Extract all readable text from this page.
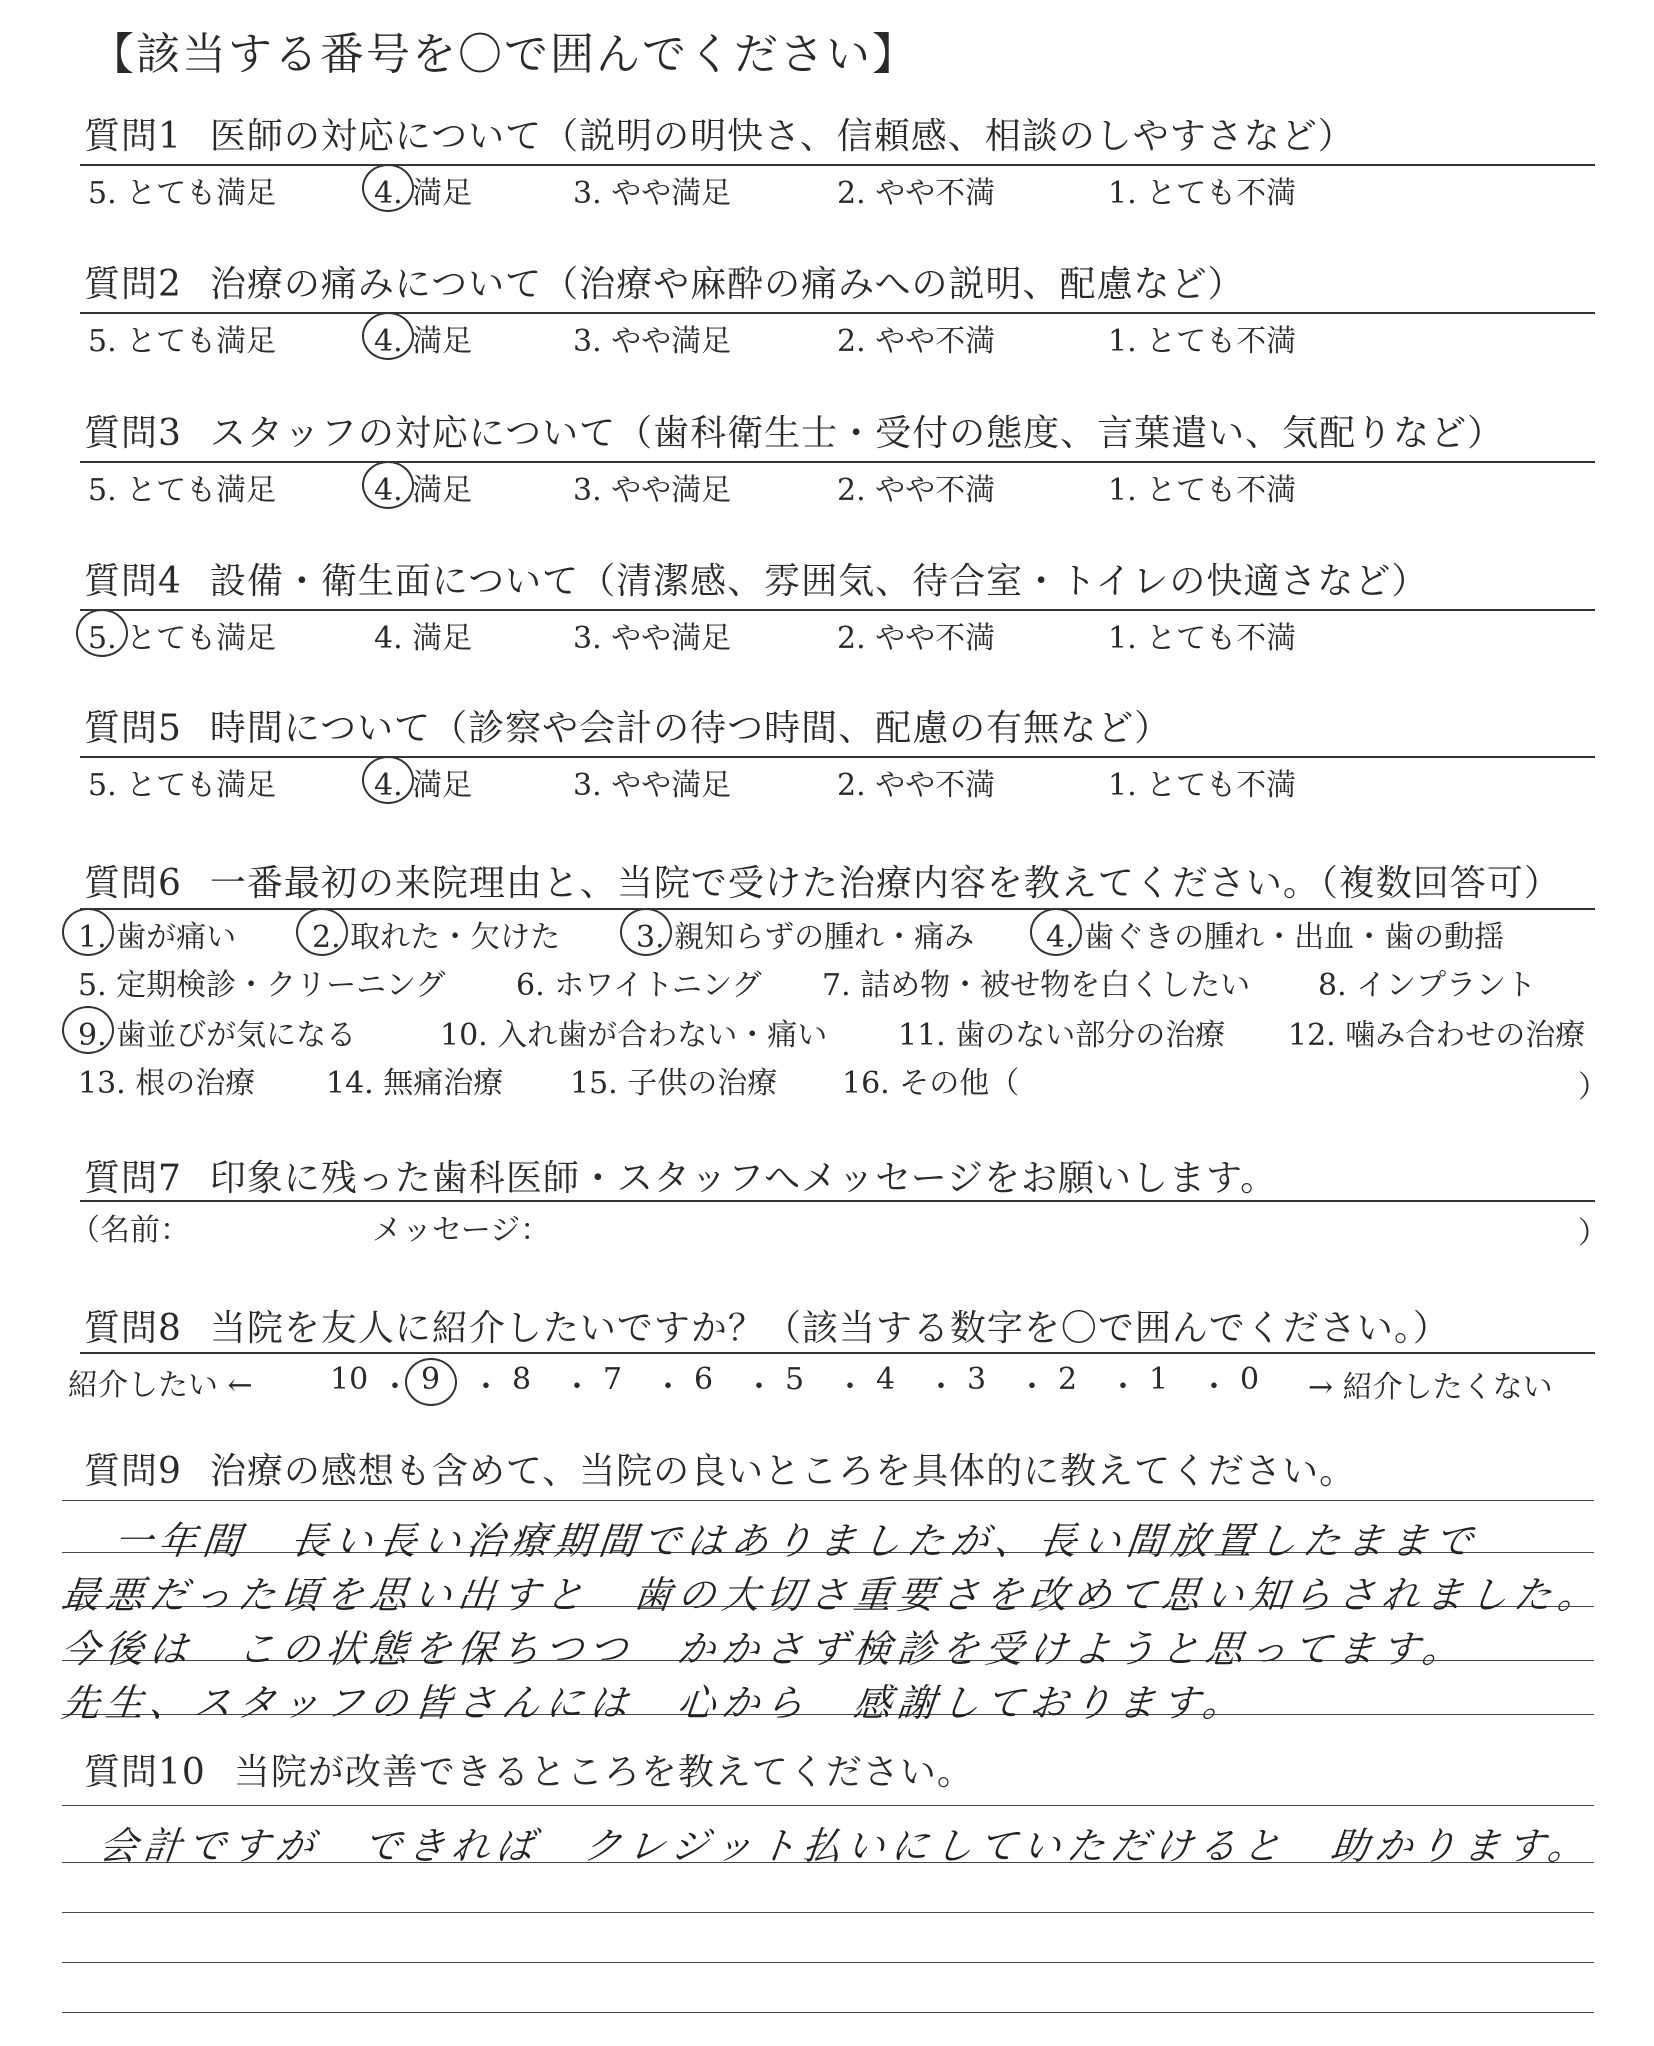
【該当する番号を〇で囲んでください】
質問1 医師の対応について（説明の明快さ、信頼感、相談のしやすさなど）
5. とても満足	4. 満足	3. やや満足	2. やや不満	1. とても不満
質問2 治療の痛みについて（治療や麻酔の痛みへの説明、配慮など）
5. とても満足	4. 満足	3. やや満足	2. やや不満	1. とても不満
質問3 スタッフの対応について（歯科衛生士・受付の態度、言葉遣い、気配りなど）
5. とても満足	4. 満足	3. やや満足	2. やや不満	1. とても不満
質問4 設備・衛生面について（清潔感、雰囲気、待合室・トイレの快適さなど）
5. とても満足	4. 満足	3. やや満足	2. やや不満	1. とても不満
質問5 時間について（診察や会計の待つ時間、配慮の有無など）
5. とても満足	4. 満足	3. やや満足	2. やや不満	1. とても不満
質問6 一番最初の来院理由と、当院で受けた治療内容を教えてください。（複数回答可）
1. 歯が痛い	2. 取れた・欠けた	3. 親知らずの腫れ・痛み 4. 歯ぐきの腫れ・出血・歯の動揺
5. 定期検診・クリーニング 6. ホワイトニング 7. 詰め物・被せ物を白くしたい 8. インプラント
9. 歯並びが気になる	10. 入れ歯が合わない・痛い 11. 歯のない部分の治療 12. 噛み合わせの治療
13. 根の治療 14. 無痛治療 15. 子供の治療 16. その他（	）
質問7 印象に残った歯科医師・スタッフへメッセージをお願いします。
（名前：	メッセージ：	）
質問8 当院を友人に紹介したいですか？（該当する数字を〇で囲んでください。）
紹介したい ←	→ 紹介したくない
10 ・ 9 ・ 8 ・ 7 ・ 6 ・ 5 ・ 4 ・ 3 ・ 2 ・ 1 ・ 0
質問9 治療の感想も含めて、当院の良いところを具体的に教えてください。
一年間　長い長い治療期間ではありましたが、長い間放置したままで
最悪だった頃を思い出すと　歯の大切さ重要さを改めて思い知らされました。
今後は　この状態を保ちつつ　かかさず検診を受けようと思ってます。
先生、スタッフの皆さんには　心から　感謝しております。
質問10 当院が改善できるところを教えてください。
会計ですが　できれば　クレジット払いにしていただけると　助かります。
